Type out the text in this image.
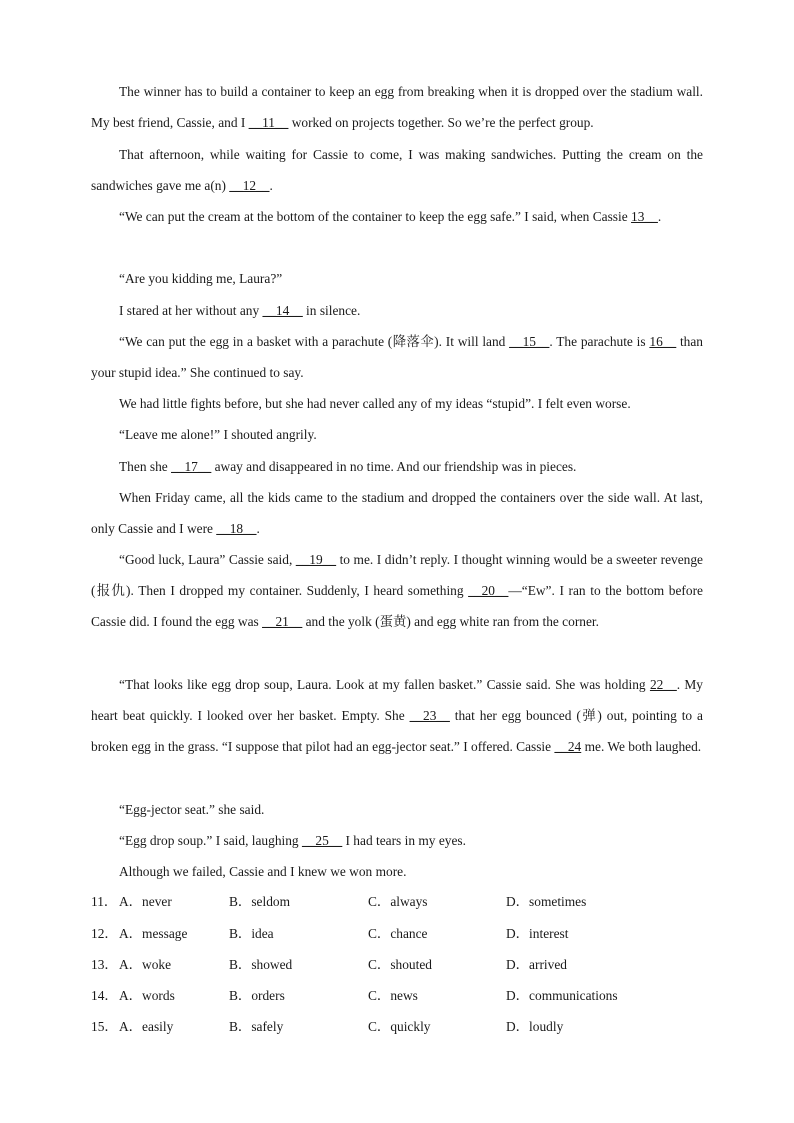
The winner has to build a container to keep an egg from breaking when it is dropped over the stadium wall. My best friend, Cassie, and I __11__ worked on projects together. So we’re the perfect group.

That afternoon, while waiting for Cassie to come, I was making sandwiches. Putting the cream on the sandwiches gave me a(n) __12__.

“We can put the cream at the bottom of the container to keep the egg safe.” I said, when Cassie 13__.

“Are you kidding me, Laura?”

I stared at her without any __14__ in silence.

“We can put the egg in a basket with a parachute (降落伞). It will land __15__. The parachute is 16__ than your stupid idea.” She continued to say.

We had little fights before, but she had never called any of my ideas “stupid”. I felt even worse.

“Leave me alone!” I shouted angrily.

Then she __17__ away and disappeared in no time. And our friendship was in pieces.

When Friday came, all the kids came to the stadium and dropped the containers over the side wall. At last, only Cassie and I were __18__.

“Good luck, Laura” Cassie said, __19__ to me. I didn’t reply. I thought winning would be a sweeter revenge (报仇). Then I dropped my container. Suddenly, I heard something __20__—“Ew”. I ran to the bottom before Cassie did. I found the egg was __21__ and the yolk (蛋黄) and egg white ran from the corner.

“That looks like egg drop soup, Laura. Look at my fallen basket.” Cassie said. She was holding 22__. My heart beat quickly. I looked over her basket. Empty. She __23__ that her egg bounced (弹) out, pointing to a broken egg in the grass. “I suppose that pilot had an egg-jector seat.” I offered. Cassie __24 me. We both laughed.

“Egg-jector seat.” she said.

“Egg drop soup.” I said, laughing __25__ I had tears in my eyes.

Although we failed, Cassie and I knew we won more.

11． A．never	B．seldom	C．always	D．sometimes
12． A．message	B．idea	C．chance	D．interest
13． A．woke	B．showed	C．shouted	D．arrived
14． A．words	B．orders	C．news	D．communications
15． A．easily	B．safely	C．quickly	D．loudly
